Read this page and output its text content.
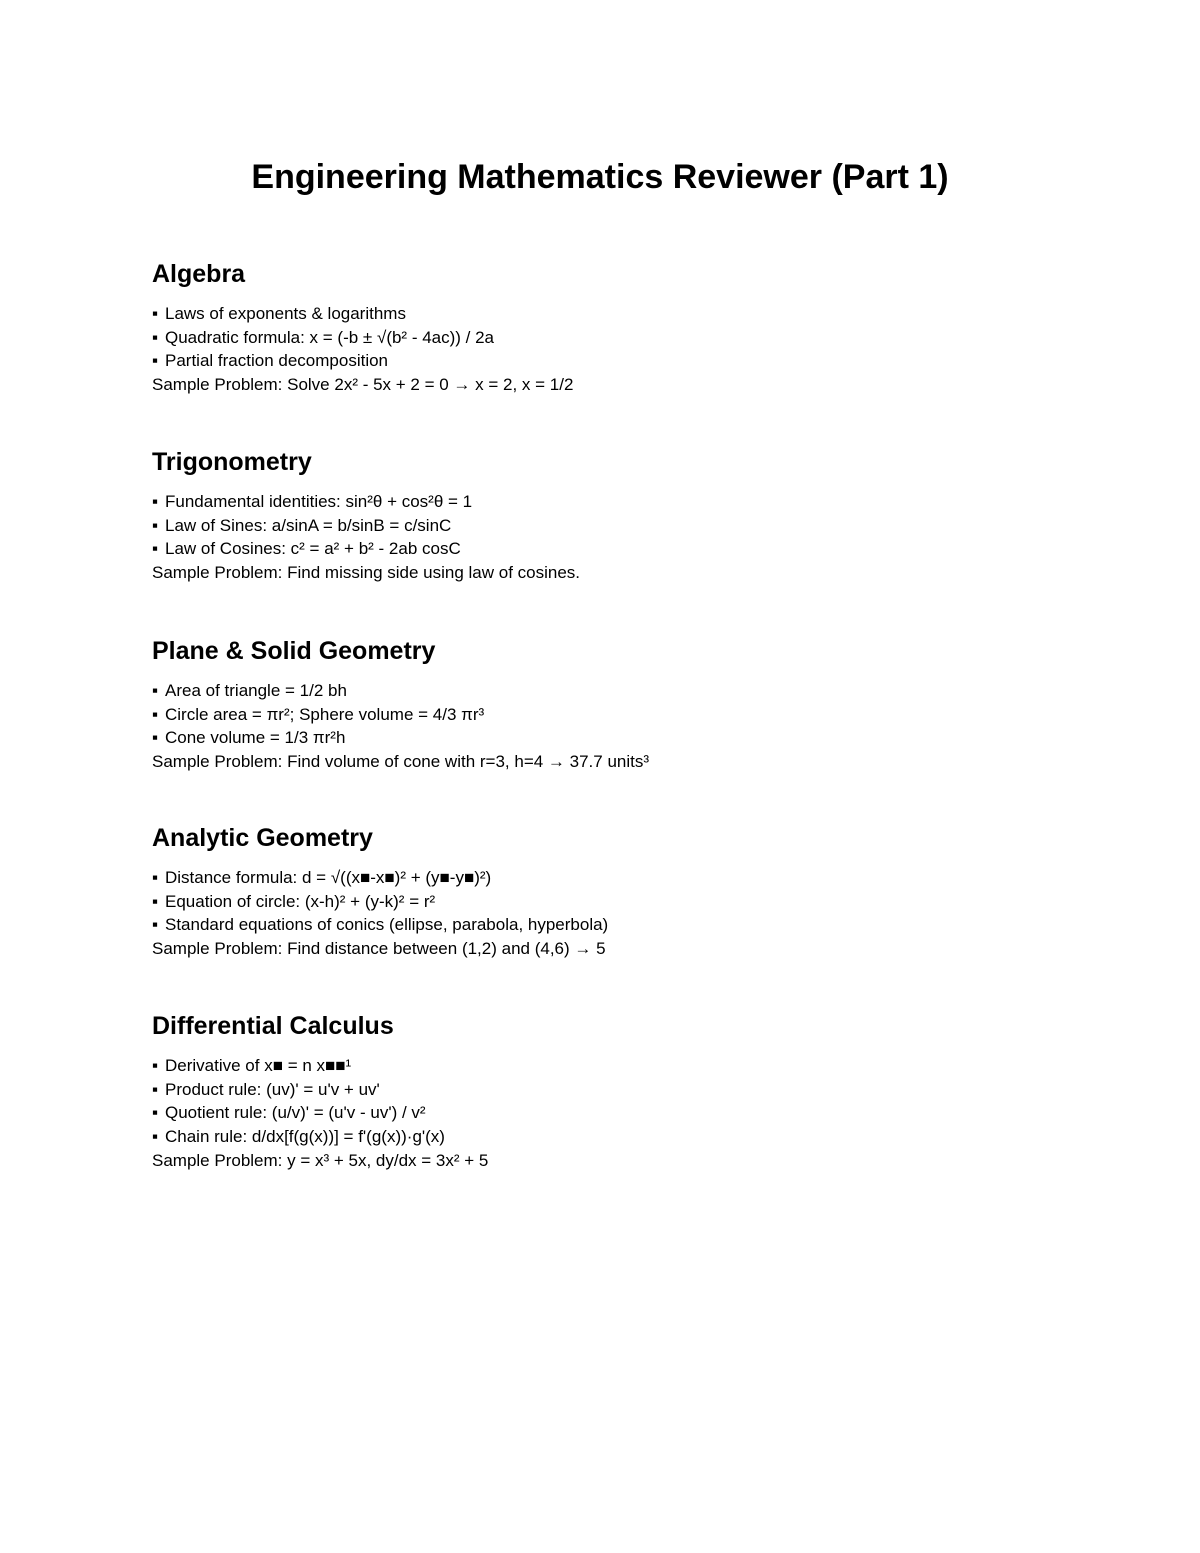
Engineering Mathematics Reviewer (Part 1)
Algebra

▪ Laws of exponents & logarithms

▪ Quadratic formula: x = (-b ± √(b² - 4ac)) / 2a

▪ Partial fraction decomposition

Sample Problem: Solve 2x² - 5x + 2 = 0 → x = 2, x = 1/2

Trigonometry

▪ Fundamental identities: sin²θ + cos²θ = 1

▪ Law of Sines: a/sinA = b/sinB = c/sinC

▪ Law of Cosines: c² = a² + b² - 2ab cosC

Sample Problem: Find missing side using law of cosines.

Plane & Solid Geometry

▪ Area of triangle = 1/2 bh

▪ Circle area = πr²; Sphere volume = 4/3 πr³

▪ Cone volume = 1/3 πr²h

Sample Problem: Find volume of cone with r=3, h=4 → 37.7 units³

Analytic Geometry

▪ Distance formula: d = √((x■-x■)² + (y■-y■)²)

▪ Equation of circle: (x-h)² + (y-k)² = r²

▪ Standard equations of conics (ellipse, parabola, hyperbola)

Sample Problem: Find distance between (1,2) and (4,6) → 5

Differential Calculus

▪ Derivative of x■ = n x■■¹

▪ Product rule: (uv)' = u'v + uv'

▪ Quotient rule: (u/v)' = (u'v - uv') / v²

▪ Chain rule: d/dx[f(g(x))] = f'(g(x))·g'(x)

Sample Problem: y = x³ + 5x, dy/dx = 3x² + 5
